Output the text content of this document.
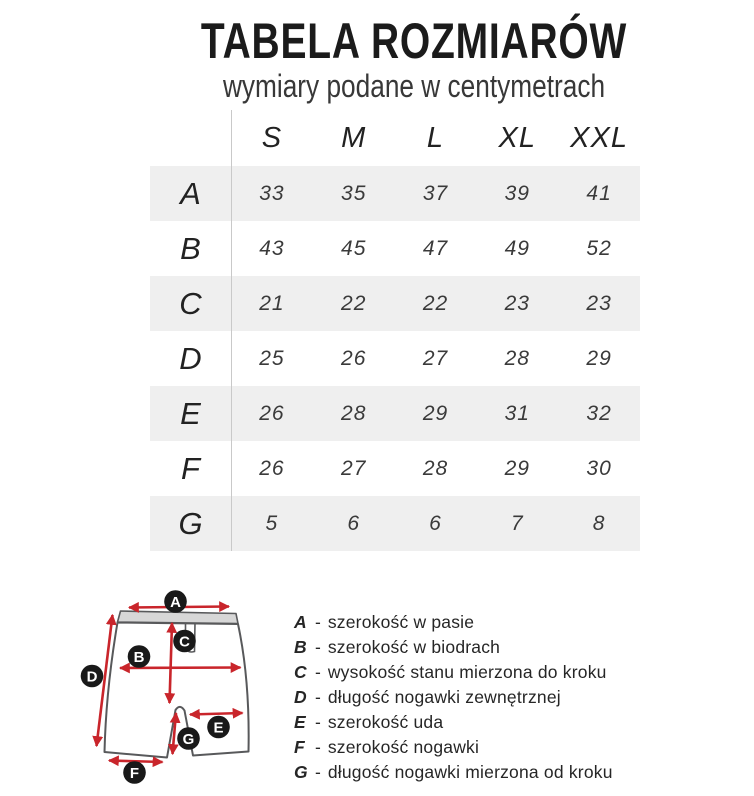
TABELA ROZMIARÓW
wymiary podane w centymetrach
S	M	L	XL	XXL
A	33	35	37	39	41
B	43	45	47	49	52
C	21	22	22	23	23
D	25	26	27	28	29
E	26	28	29	31	32
F	26	27	28	29	30
G	5	6	6	7	8
A
C
B
D
E
G
F
A - szerokość w pasie
B - szerokość w biodrach
C - wysokość stanu mierzona do kroku
D - długość nogawki zewnętrznej
E - szerokość uda
F - szerokość nogawki
G - długość nogawki mierzona od kroku
